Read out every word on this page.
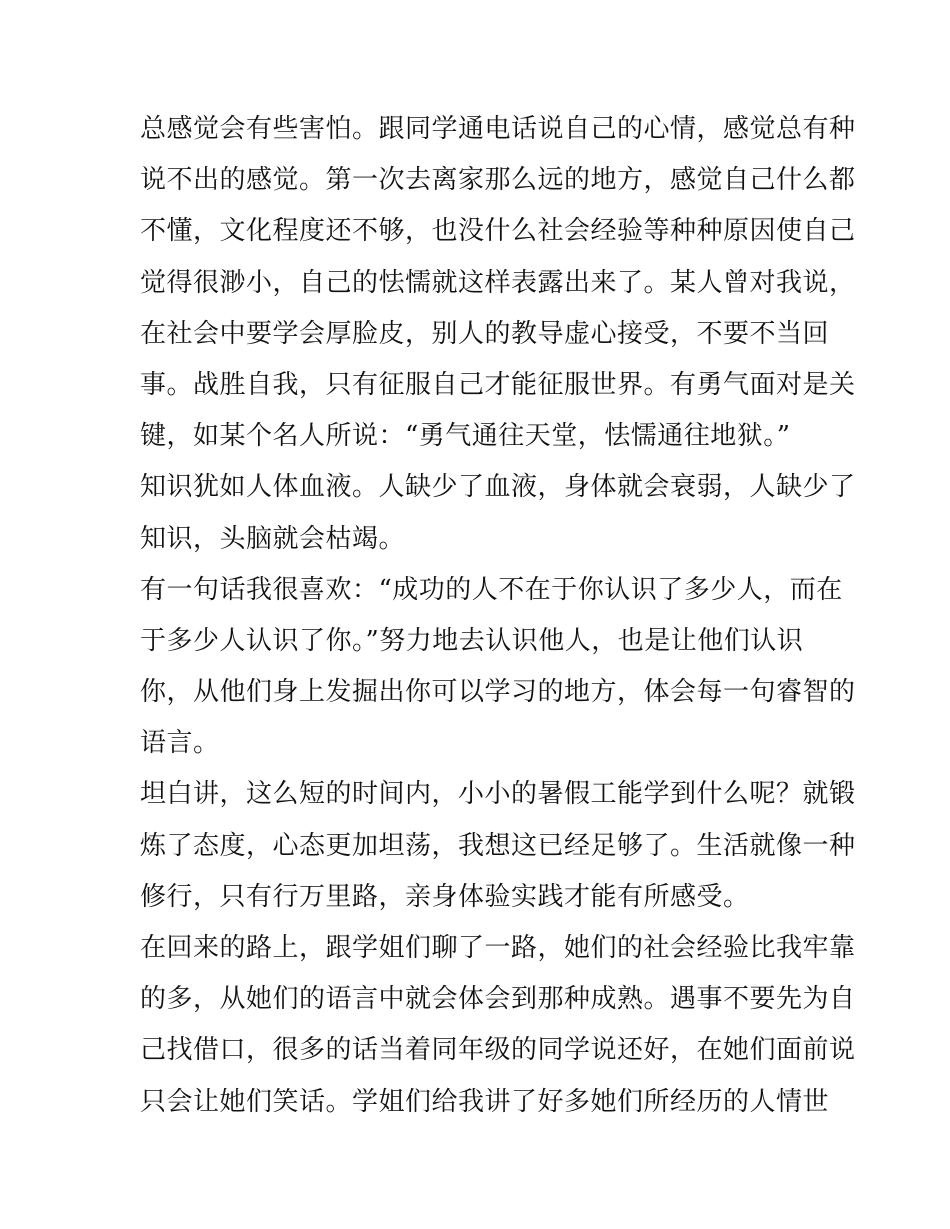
总感觉会有些害怕。跟同学通电话说自己的心情，感觉总有种
说不出的感觉。第一次去离家那么远的地方，感觉自己什么都
不懂，文化程度还不够，也没什么社会经验等种种原因使自己
觉得很渺小，自己的怯懦就这样表露出来了。某人曾对我说，
在社会中要学会厚脸皮，别人的教导虚心接受，不要不当回
事。战胜自我，只有征服自己才能征服世界。有勇气面对是关
键，如某个名人所说：“勇气通往天堂，怯懦通往地狱。”
知识犹如人体血液。人缺少了血液，身体就会衰弱，人缺少了
知识，头脑就会枯竭。
有一句话我很喜欢：“成功的人不在于你认识了多少人，而在
于多少人认识了你。”努力地去认识他人，也是让他们认识
你，从他们身上发掘出你可以学习的地方，体会每一句睿智的
语言。
坦白讲，这么短的时间内，小小的暑假工能学到什么呢？就锻
炼了态度，心态更加坦荡，我想这已经足够了。生活就像一种
修行，只有行万里路，亲身体验实践才能有所感受。
在回来的路上，跟学姐们聊了一路，她们的社会经验比我牢靠
的多，从她们的语言中就会体会到那种成熟。遇事不要先为自
己找借口，很多的话当着同年级的同学说还好，在她们面前说
只会让她们笑话。学姐们给我讲了好多她们所经历的人情世
